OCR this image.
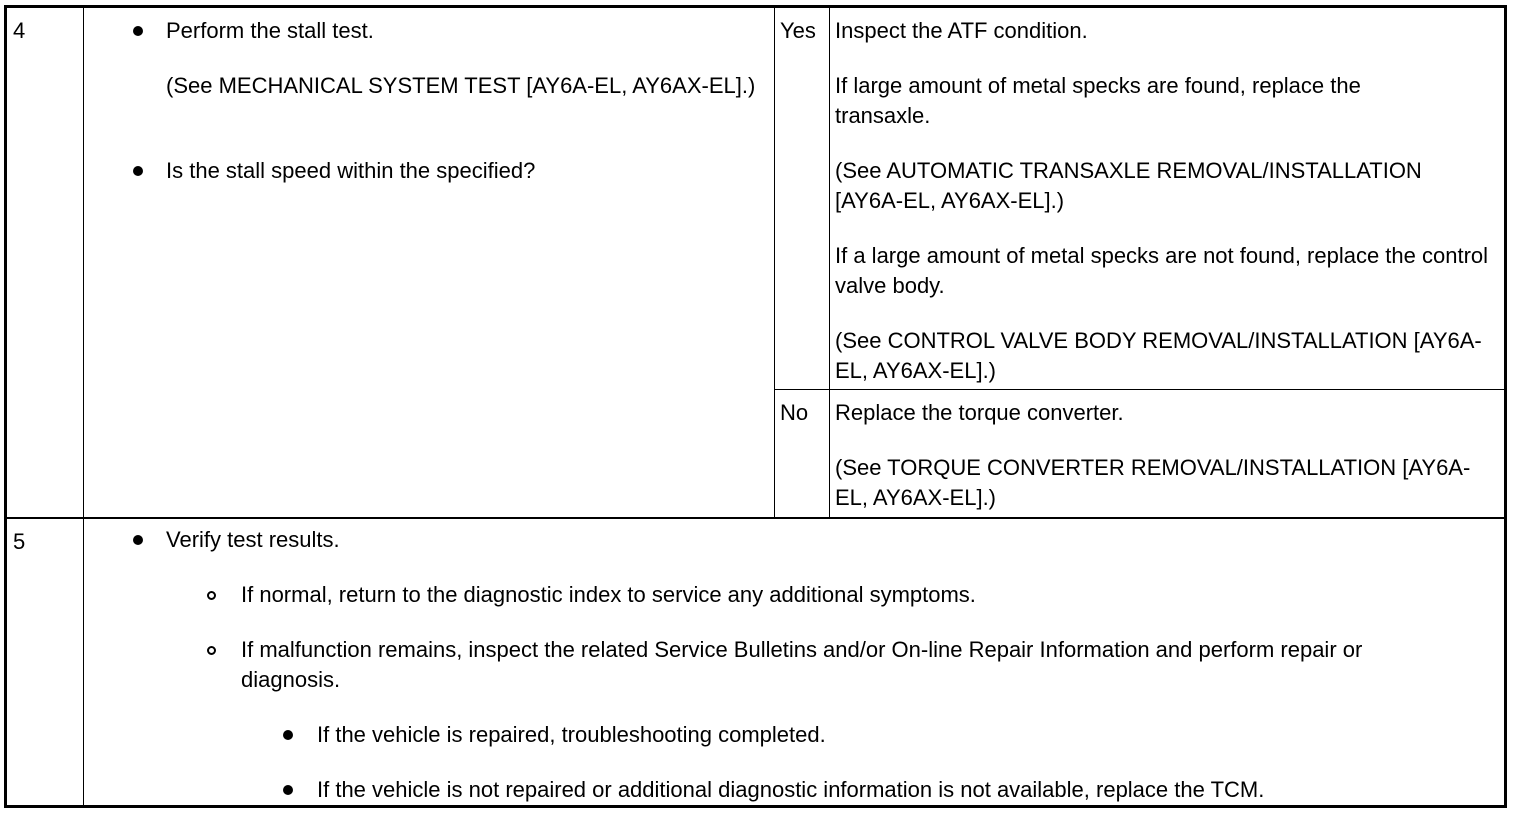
4	Perform the stall test.
(See MECHANICAL SYSTEM TEST [AY6A-EL, AY6AX-EL].)
Is the stall speed within the specified?
Yes Inspect the ATF condition.
If large amount of metal specks are found, replace the transaxle.
(See AUTOMATIC TRANSAXLE REMOVAL/INSTALLATION [AY6A-EL, AY6AX-EL].)
If a large amount of metal specks are not found, replace the control valve body.
(See CONTROL VALVE BODY REMOVAL/INSTALLATION [AY6A-EL, AY6AX-EL].)
No Replace the torque converter.
(See TORQUE CONVERTER REMOVAL/INSTALLATION [AY6A-EL, AY6AX-EL].)
5	Verify test results.
If normal, return to the diagnostic index to service any additional symptoms.
If malfunction remains, inspect the related Service Bulletins and/or On-line Repair Information and perform repair or diagnosis.
If the vehicle is repaired, troubleshooting completed.
If the vehicle is not repaired or additional diagnostic information is not available, replace the TCM.
